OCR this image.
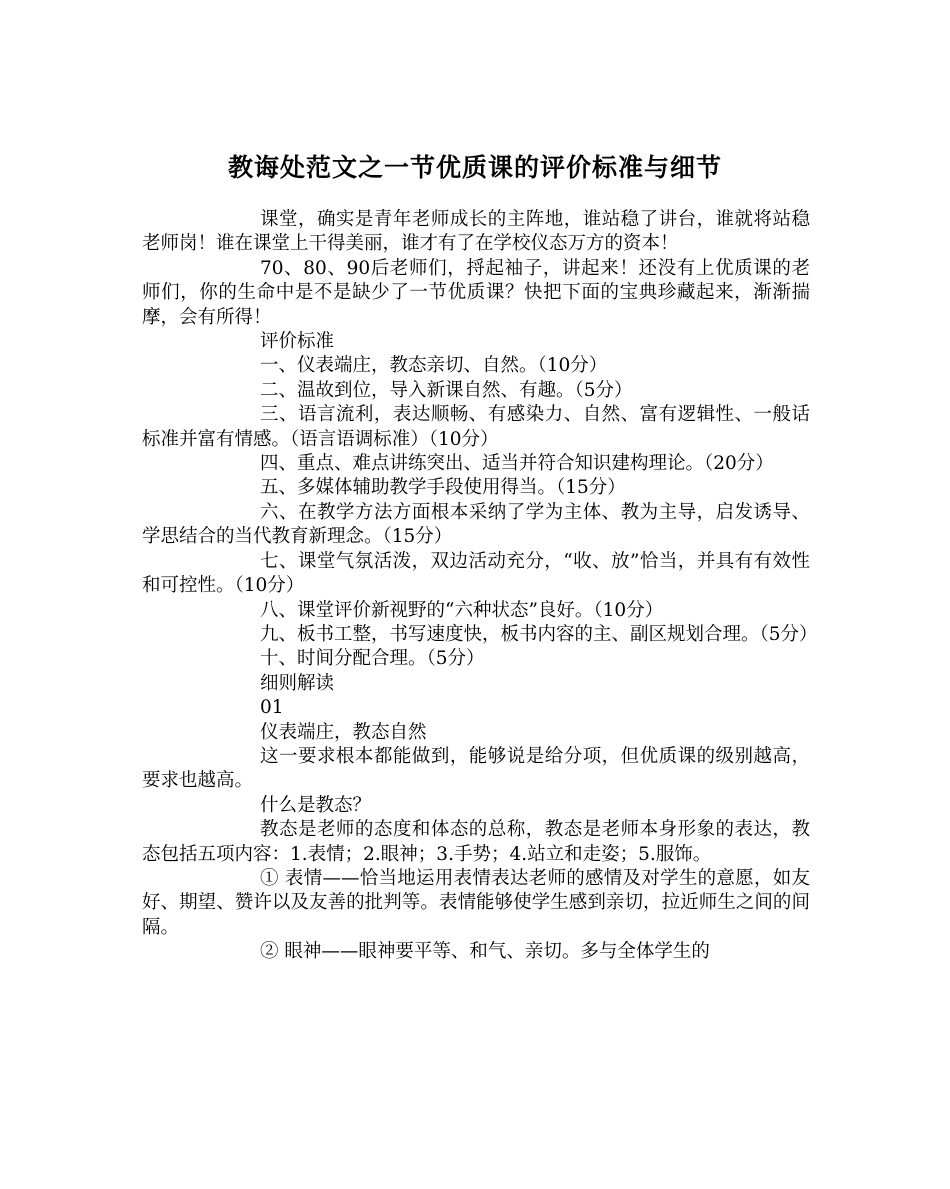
教诲处范文之一节优质课的评价标准与细节

课堂，确实是青年老师成长的主阵地，谁站稳了讲台，谁就将站稳老师岗！谁在课堂上干得美丽，谁才有了在学校仪态万方的资本！

70、80、90后老师们，捋起袖子，讲起来！还没有上优质课的老师们，你的生命中是不是缺少了一节优质课？快把下面的宝典珍藏起来，渐渐揣摩，会有所得！

评价标准

一、仪表端庄，教态亲切、自然。（10分）

二、温故到位，导入新课自然、有趣。（5分）

三、语言流利，表达顺畅、有感染力、自然、富有逻辑性、一般话标准并富有情感。（语言语调标准）（10分）

四、重点、难点讲练突出、适当并符合知识建构理论。（20分）

五、多媒体辅助教学手段使用得当。（15分）

六、在教学方法方面根本采纳了学为主体、教为主导，启发诱导、学思结合的当代教育新理念。（15分）

七、课堂气氛活泼，双边活动充分，“收、放”恰当，并具有有效性和可控性。（10分）

八、课堂评价新视野的“六种状态”良好。（10分）

九、板书工整，书写速度快，板书内容的主、副区规划合理。（5分）

十、时间分配合理。（5分）

细则解读

01

仪表端庄，教态自然

这一要求根本都能做到，能够说是给分项，但优质课的级别越高，要求也越高。

什么是教态？

教态是老师的态度和体态的总称，教态是老师本身形象的表达，教态包括五项内容：1.表情；2.眼神；3.手势；4.站立和走姿；5.服饰。

① 表情——恰当地运用表情表达老师的感情及对学生的意愿，如友好、期望、赞许以及友善的批判等。表情能够使学生感到亲切，拉近师生之间的间隔。

② 眼神——眼神要平等、和气、亲切。多与全体学生的
